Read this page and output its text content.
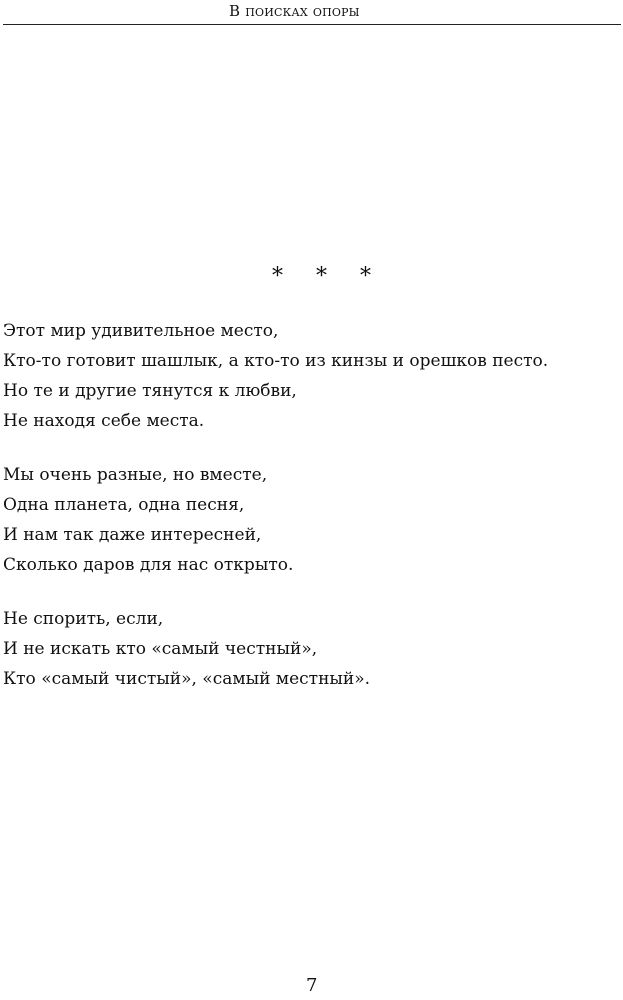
В поисках опоры
* * *
Этот мир удивительное место,
Кто-то готовит шашлык, а кто-то из кинзы и орешков песто.
Но те и другие тянутся к любви,
Не находя себе места.
Мы очень разные, но вместе,
Одна планета, одна песня,
И нам так даже интересней,
Сколько даров для нас открыто.
Не спорить, если,
И не искать кто «самый честный»,
Кто «самый чистый», «самый местный».
7
